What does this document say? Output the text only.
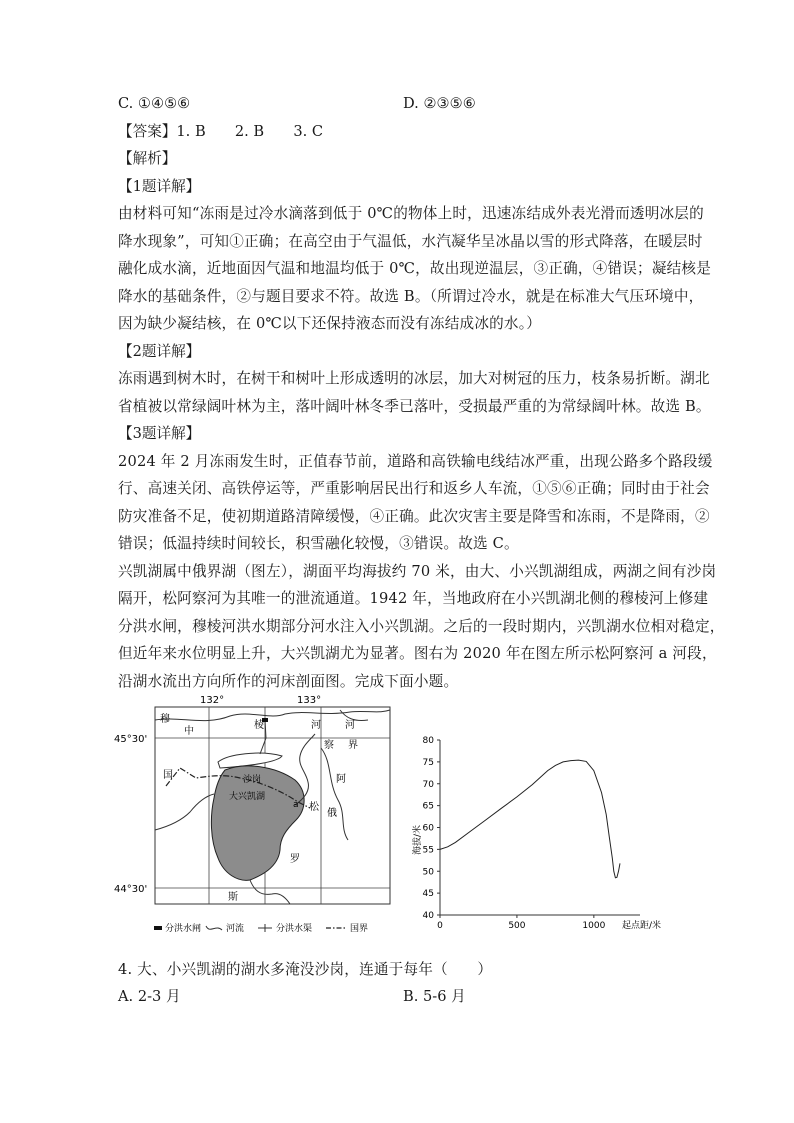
C. ①④⑤⑥	D. ②③⑤⑥
【答案】1. B　　2. B　　3. C
【解析】
【1题详解】
由材料可知“冻雨是过冷水滴落到低于 0℃的物体上时，迅速冻结成外表光滑而透明冰层的
降水现象”，可知①正确；在高空由于气温低，水汽凝华呈冰晶以雪的形式降落，在暖层时
融化成水滴，近地面因气温和地温均低于 0℃，故出现逆温层，③正确，④错误；凝结核是
降水的基础条件，②与题目要求不符。故选 B。（所谓过冷水，就是在标准大气压环境中，
因为缺少凝结核，在 0℃以下还保持液态而没有冻结成冰的水。）
【2题详解】
冻雨遇到树木时，在树干和树叶上形成透明的冰层，加大对树冠的压力，枝条易折断。湖北
省植被以常绿阔叶林为主，落叶阔叶林冬季已落叶，受损最严重的为常绿阔叶林。故选 B。
【3题详解】
2024 年 2 月冻雨发生时，正值春节前，道路和高铁输电线结冰严重，出现公路多个路段缓
行、高速关闭、高铁停运等，严重影响居民出行和返乡人车流，①⑤⑥正确；同时由于社会
防灾准备不足，使初期道路清障缓慢，④正确。此次灾害主要是降雪和冻雨，不是降雨，②
错误；低温持续时间较长，积雪融化较慢，③错误。故选 C。
兴凯湖属中俄界湖（图左），湖面平均海拔约 70 米，由大、小兴凯湖组成，两湖之间有沙岗
隔开，松阿察河为其唯一的泄流通道。1942 年，当地政府在小兴凯湖北侧的穆棱河上修建
分洪水闸，穆棱河洪水期部分河水注入小兴凯湖。之后的一段时期内，兴凯湖水位相对稳定，
但近年来水位明显上升，大兴凯湖尤为显著。图右为 2020 年在图左所示松阿察河 a 河段，
沿湖水流出方向所作的河床剖面图。完成下面小题。
132°	133°
45°30'
44°30'
穆
棱	河 河
中
察 界
国	阿
沙岗
大兴凯湖
a 松
俄
罗
斯
分洪水闸	河流	分洪水渠	国界
40
45
50
55
60
65
70
75
80
0	500	1000
海拔/米
起点距/米
4. 大、小兴凯湖的湖水多淹没沙岗，连通于每年（　　）
A. 2-3 月	B. 5-6 月
